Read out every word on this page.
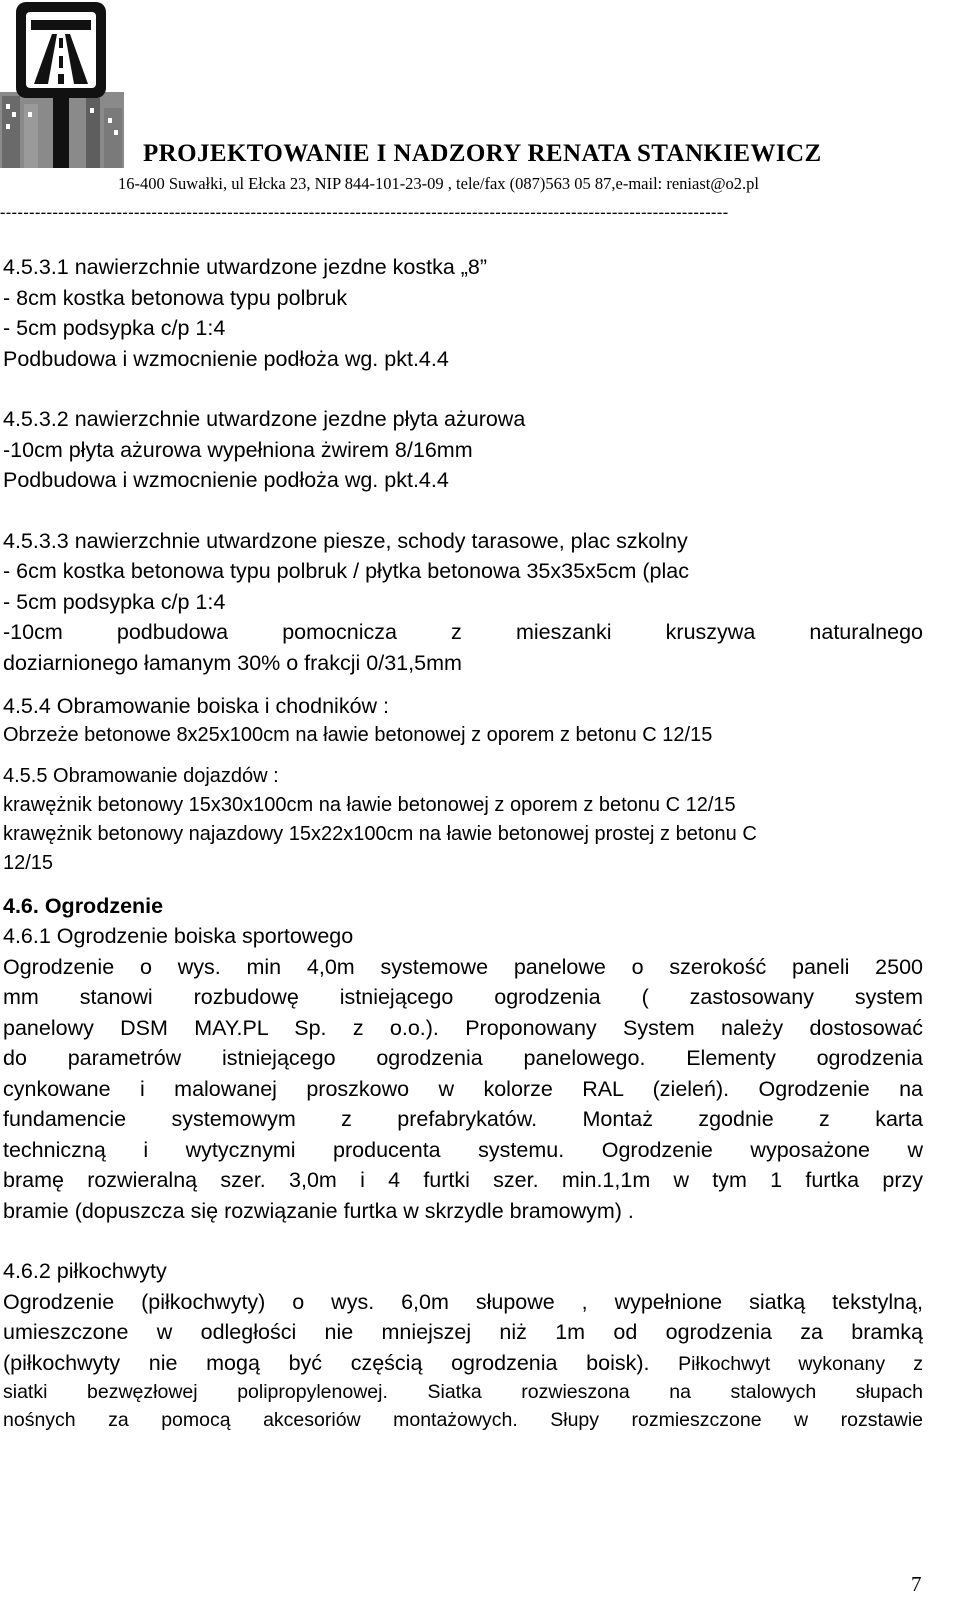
PROJEKTOWANIE I NADZORY RENATA STANKIEWICZ
16-400 Suwałki, ul Ełcka 23, NIP 844-101-23-09 , tele/fax (087)563 05 87,e-mail: reniast@o2.pl
-----------------------------------------------------------------------------------------------------------------------------
4.5.3.1 nawierzchnie utwardzone jezdne kostka „8”
- 8cm kostka betonowa typu polbruk
- 5cm podsypka c/p 1:4
Podbudowa i wzmocnienie podłoża wg. pkt.4.4
4.5.3.2 nawierzchnie utwardzone jezdne płyta ażurowa
-10cm płyta ażurowa wypełniona żwirem 8/16mm
Podbudowa i wzmocnienie podłoża wg. pkt.4.4
4.5.3.3 nawierzchnie utwardzone piesze, schody tarasowe, plac szkolny
- 6cm kostka betonowa typu polbruk / płytka betonowa 35x35x5cm (plac
- 5cm podsypka c/p 1:4
-10cm podbudowa pomocnicza z mieszanki kruszywa naturalnego
doziarnionego łamanym 30% o frakcji 0/31,5mm
4.5.4 Obramowanie boiska i chodników :
Obrzeże betonowe 8x25x100cm na ławie betonowej z oporem z betonu C 12/15
4.5.5 Obramowanie dojazdów :
krawężnik betonowy 15x30x100cm na ławie betonowej z oporem z betonu C 12/15
krawężnik betonowy najazdowy 15x22x100cm na ławie betonowej prostej z betonu C
12/15
4.6. Ogrodzenie
4.6.1 Ogrodzenie boiska sportowego
Ogrodzenie o wys. min 4,0m systemowe panelowe o szerokość paneli 2500
mm stanowi rozbudowę istniejącego ogrodzenia ( zastosowany system
panelowy DSM MAY.PL Sp. z o.o.). Proponowany System należy dostosować
do parametrów istniejącego ogrodzenia panelowego. Elementy ogrodzenia
cynkowane i malowanej proszkowo w kolorze RAL (zieleń). Ogrodzenie na
fundamencie systemowym z prefabrykatów. Montaż zgodnie z karta
techniczną i wytycznymi producenta systemu. Ogrodzenie wyposażone w
bramę rozwieralną szer. 3,0m i 4 furtki szer. min.1,1m w tym 1 furtka przy
bramie (dopuszcza się rozwiązanie furtka w skrzydle bramowym) .
4.6.2 piłkochwyty
Ogrodzenie (piłkochwyty) o wys. 6,0m słupowe , wypełnione siatką tekstylną,
umieszczone w odległości nie mniejszej niż 1m od ogrodzenia za bramką
(piłkochwyty nie mogą być częścią ogrodzenia boisk). Piłkochwyt wykonany z
siatki bezwęzłowej polipropylenowej. Siatka rozwieszona na stalowych słupach
nośnych za pomocą akcesoriów montażowych. Słupy rozmieszczone w rozstawie
7
